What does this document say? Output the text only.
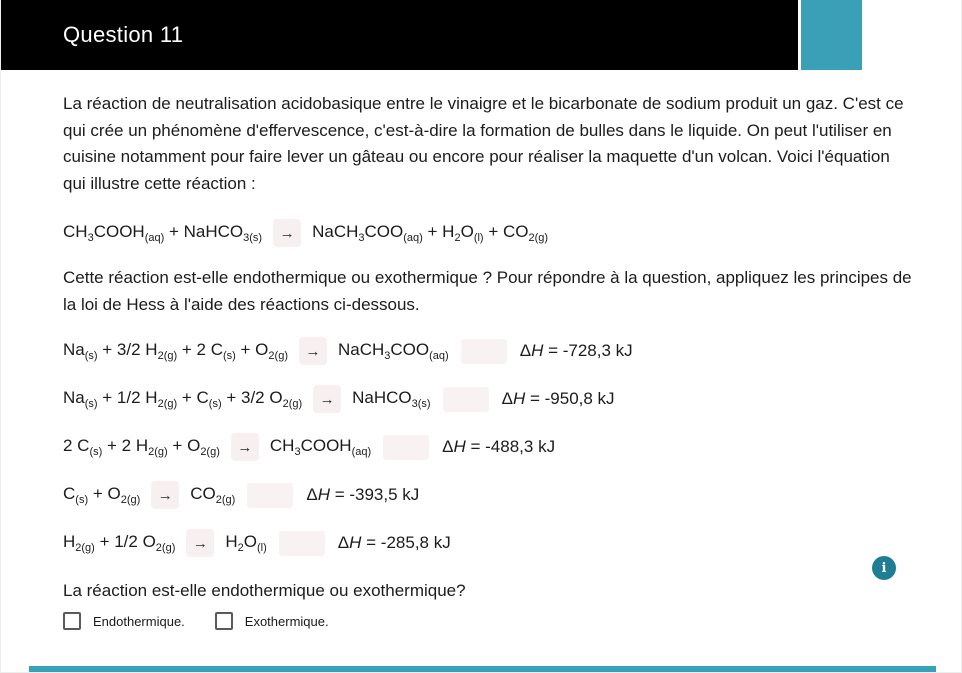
Question 11

La réaction de neutralisation acidobasique entre le vinaigre et le bicarbonate de sodium produit un gaz. C'est ce qui crée un phénomène d'effervescence, c'est-à-dire la formation de bulles dans le liquide. On peut l'utiliser en cuisine notamment pour faire lever un gâteau ou encore pour réaliser la maquette d'un volcan. Voici l'équation qui illustre cette réaction :

$CH_3COOH_{(aq)}$ + NaHCO$_{3(s)}$	→	$NaCH_3COO_{(aq)} + H_2O_{(l)} + CO_{2(g)}$

Cette réaction est-elle endothermique ou exothermique ? Pour répondre à la question, appliquez les principes de la loi de Hess à l'aide des réactions ci-dessous.

$Na_{(s)} + 3/2$ $H_{2(g)} + 2$ $C_{(s)} + O_{2(g)}$	→	$NaCH_3COO_{(aq)}$	ΔH = -728,3 kJ
$Na_{(s)} + 1/2$ $H_{2(g)} + C_{(s)} + 3/2$ $O_{2(g)}$	→	NaHCO$_{3(s)}$	ΔH = -950,8 kJ
2 $C_{(s)} + 2$ $H_{2(g)} + O_{2(g)}$	→	$CH_3COOH_{(aq)}$	ΔH = -488,3 kJ
$C_{(s)} + O_{2(g)}$	→	$CO_{2(g)}$	ΔH = -393,5 kJ
$H_{2(g)} + 1/2$ $O_{2(g)}$	→	$H_2O_{(l)}$	ΔH = -285,8 kJ
La réaction est-elle endothermique ou exothermique?
Endothermique.	Exothermique.
i
